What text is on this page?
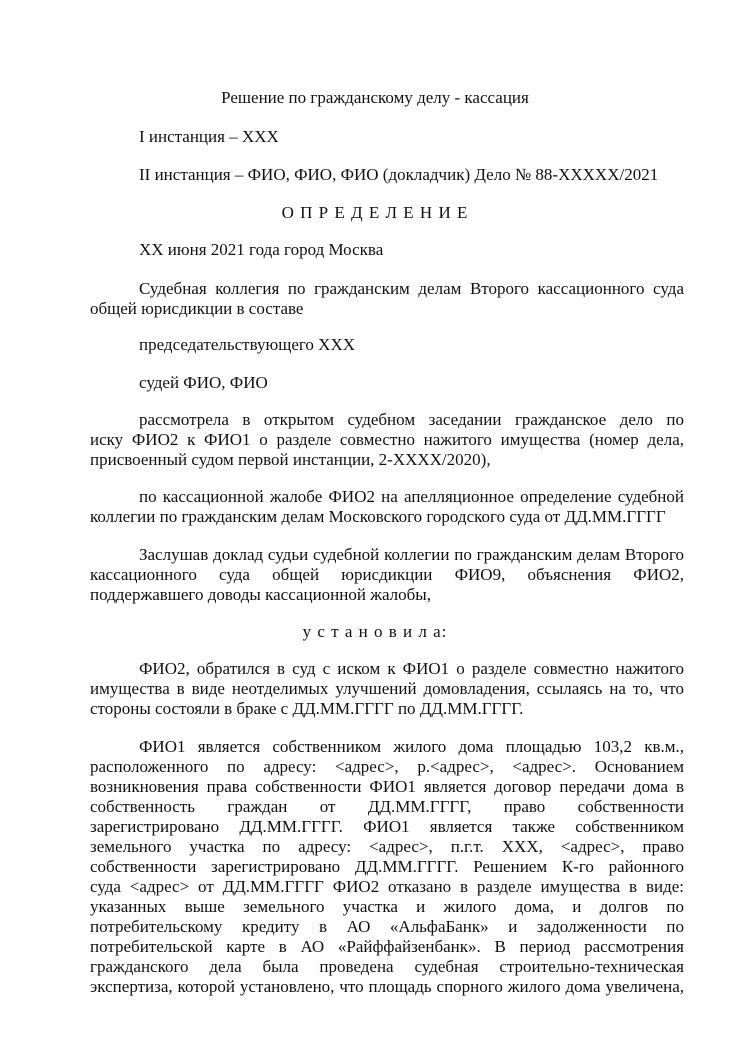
Решение по гражданскому делу - кассация
I инстанция – ХХХ
II инстанция – ФИО, ФИО, ФИО (докладчик) Дело № 88-ХХХХХ/2021
О П Р Е Д Е Л Е Н И Е
ХХ июня 2021 года город Москва
Судебная коллегия по гражданским делам Второго кассационного суда
общей юрисдикции в составе
председательствующего ХХХ
судей ФИО, ФИО
рассмотрела в открытом судебном заседании гражданское дело по
иску ФИО2 к ФИО1 о разделе совместно нажитого имущества (номер дела,
присвоенный судом первой инстанции, 2-ХХХХ/2020),
по кассационной жалобе ФИО2 на апелляционное определение судебной
коллегии по гражданским делам Московского городского суда от ДД.ММ.ГГГГ
Заслушав доклад судьи судебной коллегии по гражданским делам Второго
кассационного суда общей юрисдикции ФИО9, объяснения ФИО2,
поддержавшего доводы кассационной жалобы,
у с т а н о в и л а:
ФИО2, обратился в суд с иском к ФИО1 о разделе совместно нажитого
имущества в виде неотделимых улучшений домовладения, ссылаясь на то, что
стороны состояли в браке с ДД.ММ.ГГГГ по ДД.ММ.ГГГГ.
ФИО1 является собственником жилого дома площадью 103,2 кв.м.,
расположенного по адресу: <адрес>, р.<адрес>, <адрес>. Основанием
возникновения права собственности ФИО1 является договор передачи дома в
собственность граждан от ДД.ММ.ГГГГ, право собственности
зарегистрировано ДД.ММ.ГГГГ. ФИО1 является также собственником
земельного участка по адресу: <адрес>, п.г.т. ХХХ, <адрес>, право
собственности зарегистрировано ДД.ММ.ГГГГ. Решением К-го районного
суда <адрес> от ДД.ММ.ГГГГ ФИО2 отказано в разделе имущества в виде:
указанных выше земельного участка и жилого дома, и долгов по
потребительскому кредиту в АО «АльфаБанк» и задолженности по
потребительской карте в АО «Райффайзенбанк». В период рассмотрения
гражданского дела была проведена судебная строительно-техническая
экспертиза, которой установлено, что площадь спорного жилого дома увеличена,
